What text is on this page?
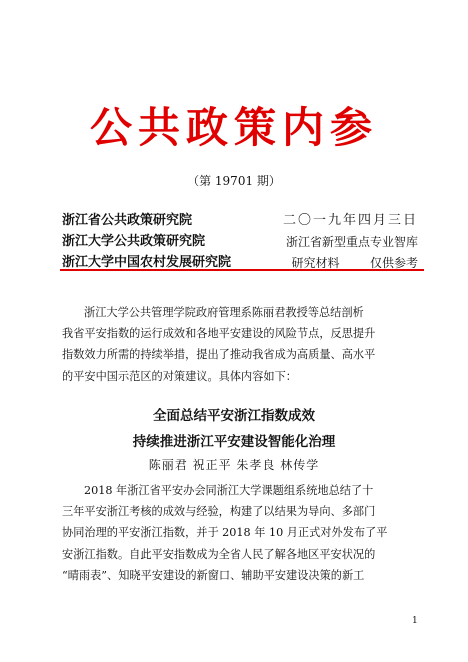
公共政策内参
（第 19701 期）
浙江省公共政策研究院	二〇一九年四月三日
浙江大学公共政策研究院	浙江省新型重点专业智库
浙江大学中国农村发展研究院	研究材料        仅供参考
浙江大学公共管理学院政府管理系陈丽君教授等总结剖析
我省平安指数的运行成效和各地平安建设的风险节点，反思提升
指数效力所需的持续举措，提出了推动我省成为高质量、高水平
的平安中国示范区的对策建议。具体内容如下：
全面总结平安浙江指数成效
持续推进浙江平安建设智能化治理
陈丽君 祝正平 朱孝良 林传学
2018 年浙江省平安办会同浙江大学课题组系统地总结了十
三年平安浙江考核的成效与经验，构建了以结果为导向、多部门
协同治理的平安浙江指数，并于 2018 年 10 月正式对外发布了平
安浙江指数。自此平安指数成为全省人民了解各地区平安状况的
“晴雨表”、知晓平安建设的新窗口、辅助平安建设决策的新工
1
